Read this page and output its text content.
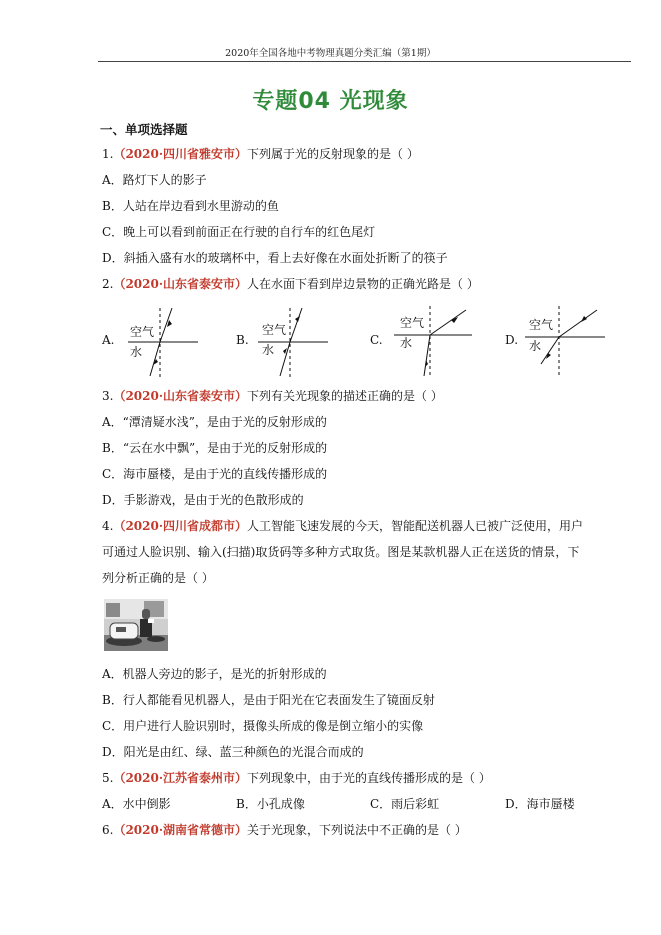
2020年全国各地中考物理真题分类汇编（第1期）
专题04 光现象
一、单项选择题
1.（2020·四川省雅安市）下列属于光的反射现象的是（ ）
A．路灯下人的影子
B．人站在岸边看到水里游动的鱼
C．晚上可以看到前面正在行驶的自行车的红色尾灯
D．斜插入盛有水的玻璃杯中，看上去好像在水面处折断了的筷子
2.（2020·山东省泰安市）人在水面下看到岸边景物的正确光路是（ ）
A.
空气
水
B.
空气
水
C.
空气
水	D.
空气
水
3.（2020·山东省泰安市）下列有关光现象的描述正确的是（ ）
A．“潭清疑水浅”，是由于光的反射形成的
B．“云在水中飘”，是由于光的反射形成的
C．海市蜃楼，是由于光的直线传播形成的
D．手影游戏，是由于光的色散形成的
4.（2020·四川省成都市）人工智能飞速发展的今天，智能配送机器人已被广泛使用，用户
可通过人脸识别、输入(扫描)取货码等多种方式取货。图是某款机器人正在送货的情景，下
列分析正确的是（ ）
A．机器人旁边的影子，是光的折射形成的
B．行人都能看见机器人，是由于阳光在它表面发生了镜面反射
C．用户进行人脸识别时，摄像头所成的像是倒立缩小的实像
D．阳光是由红、绿、蓝三种颜色的光混合而成的
5.（2020·江苏省泰州市）下列现象中，由于光的直线传播形成的是（ ）
A．水中倒影	B．小孔成像	C．雨后彩虹	D．海市蜃楼
6.（2020·湖南省常德市）关于光现象，下列说法中不正确的是（ ）
